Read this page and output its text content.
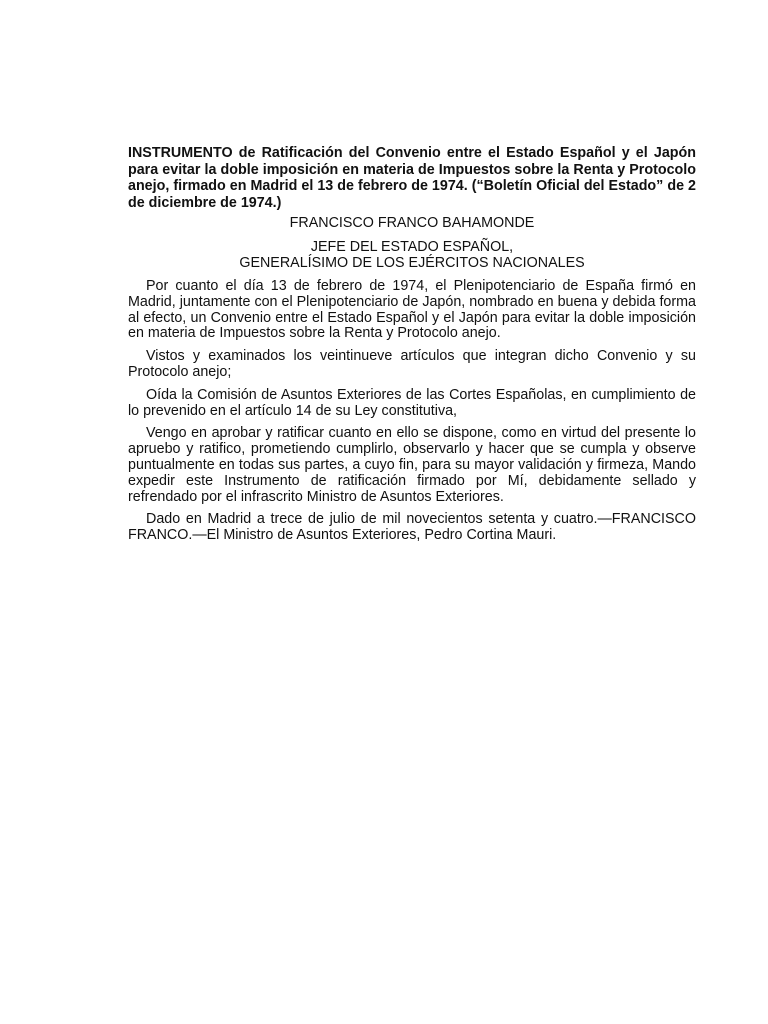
INSTRUMENTO de Ratificación del Convenio entre el Estado Español y el Japón para evitar la doble imposición en materia de Impuestos sobre la Renta y Protocolo anejo, firmado en Madrid el 13 de febrero de 1974. (“Boletín Oficial del Estado” de 2 de diciembre de 1974.)

FRANCISCO FRANCO BAHAMONDE

JEFE DEL ESTADO ESPAÑOL,

GENERALÍSIMO DE LOS EJÉRCITOS NACIONALES

Por cuanto el día 13 de febrero de 1974, el Plenipotenciario de España firmó en Madrid, juntamente con el Plenipotenciario de Japón, nombrado en buena y debida forma al efecto, un Convenio entre el Estado Español y el Japón para evitar la doble imposición en materia de Impuestos sobre la Renta y Protocolo anejo.

Vistos y examinados los veintinueve artículos que integran dicho Convenio y su Protocolo anejo;

Oída la Comisión de Asuntos Exteriores de las Cortes Españolas, en cumplimiento de lo prevenido en el artículo 14 de su Ley constitutiva,

Vengo en aprobar y ratificar cuanto en ello se dispone, como en virtud del presente lo apruebo y ratifico, prometiendo cumplirlo, observarlo y hacer que se cumpla y observe puntualmente en todas sus partes, a cuyo fin, para su mayor validación y firmeza, Mando expedir este Instrumento de ratificación firmado por Mí, debidamente sellado y refrendado por el infrascrito Ministro de Asuntos Exteriores.

Dado en Madrid a trece de julio de mil novecientos setenta y cuatro.—FRANCISCO FRANCO.—El Ministro de Asuntos Exteriores, Pedro Cortina Mauri.
